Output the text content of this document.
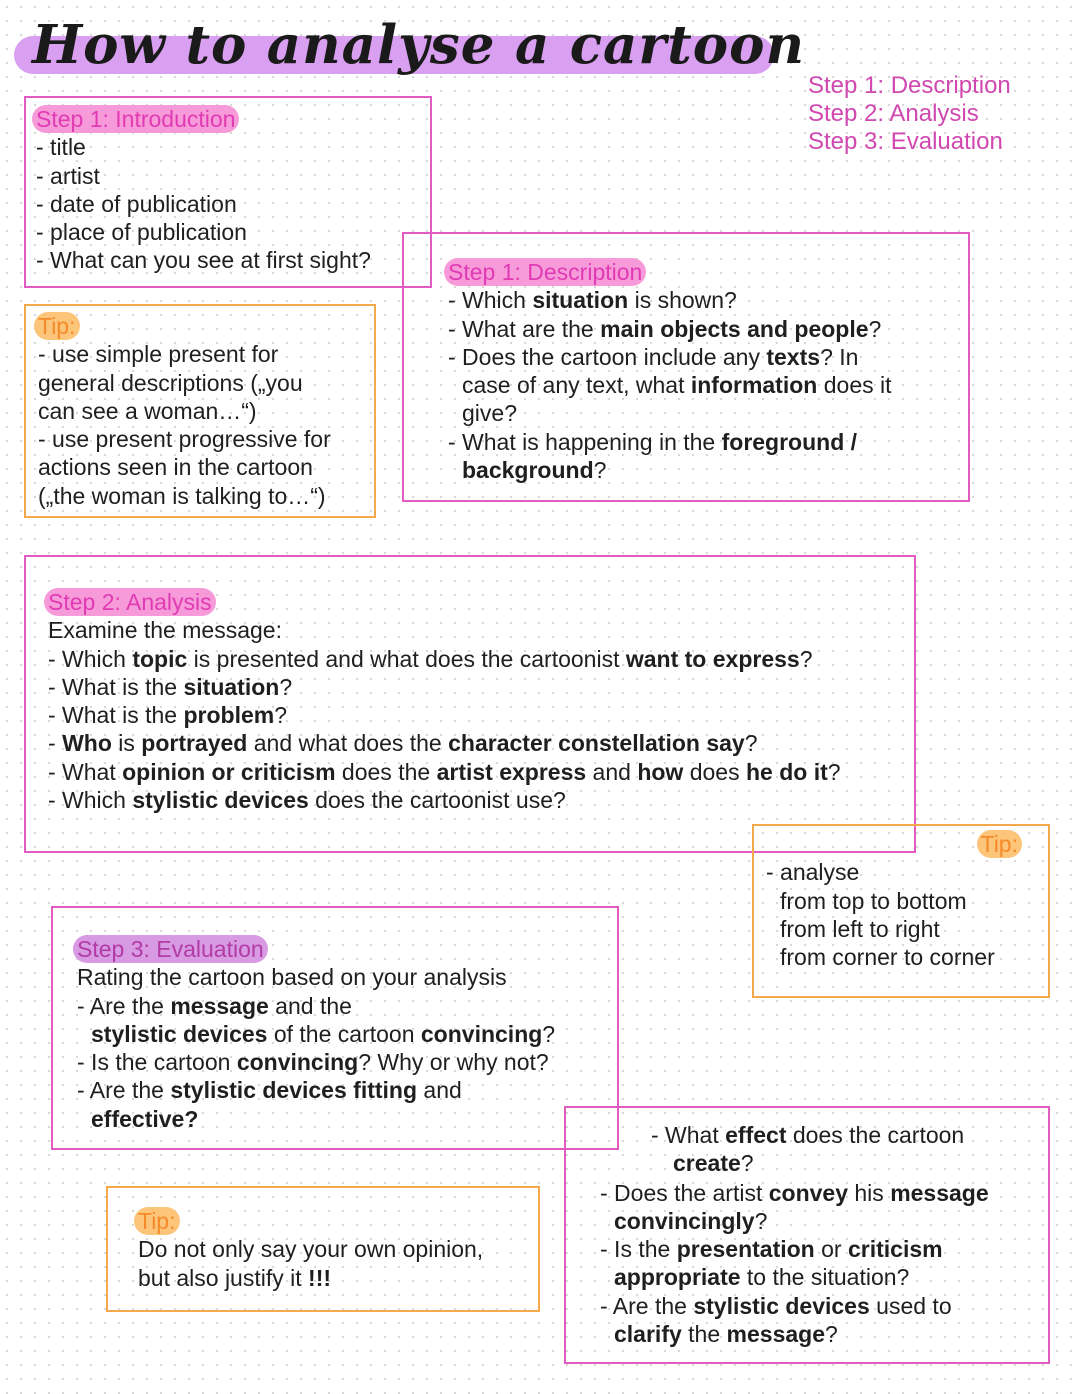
How to analyse a cartoon
Step 1: Description
Step 2: Analysis
Step 3: Evaluation
Step 1: Introduction
- title
- artist
- date of publication
- place of publication
- What can you see at first sight?
Tip:
- use simple present for
general descriptions („you
can see a woman…“)
- use present progressive for
actions seen in the cartoon
(„the woman is talking to…“)
Step 1: Description
- Which situation is shown?
- What are the main objects and people?
- Does the cartoon include any texts? In
case of any text, what information does it
give?
- What is happening in the foreground /
background?
Step 2: Analysis
Examine the message:
- Which topic is presented and what does the cartoonist want to express?
- What is the situation?
- What is the problem?
- Who is portrayed and what does the character constellation say?
- What opinion or criticism does the artist express and how does he do it?
- Which stylistic devices does the cartoonist use?
Tip:
- analyse
from top to bottom
from left to right
from corner to corner
Step 3: Evaluation
Rating the cartoon based on your analysis
- Are the message and the
stylistic devices of the cartoon convincing?
- Is the cartoon convincing? Why or why not?
- Are the stylistic devices fitting and
effective?
Tip:
Do not only say your own opinion,
but also justify it !!!
- What effect does the cartoon
create?
- Does the artist convey his message
convincingly?
- Is the presentation or criticism
appropriate to the situation?
- Are the stylistic devices used to
clarify the message?
